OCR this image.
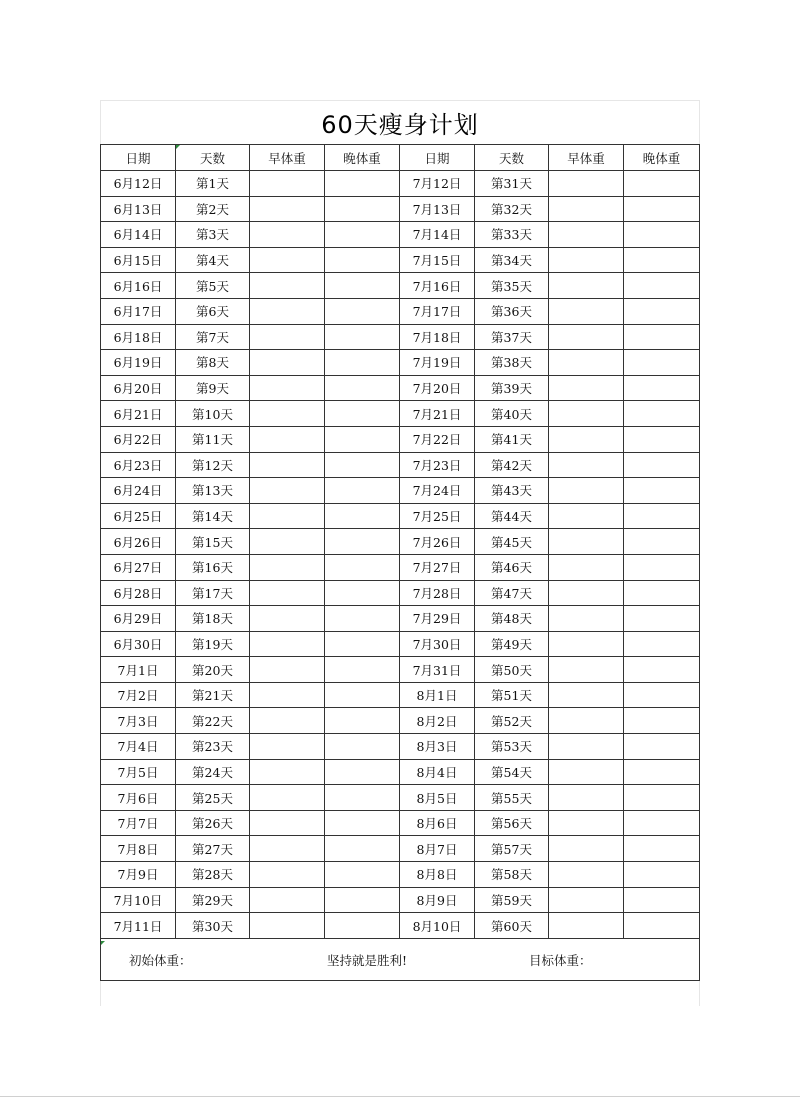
60天瘦身计划
日期	天数	早体重	晚体重	日期	天数	早体重	晚体重
6月12日	第1天			7月12日	第31天		
6月13日	第2天			7月13日	第32天		
6月14日	第3天			7月14日	第33天		
6月15日	第4天			7月15日	第34天		
6月16日	第5天			7月16日	第35天		
6月17日	第6天			7月17日	第36天		
6月18日	第7天			7月18日	第37天		
6月19日	第8天			7月19日	第38天		
6月20日	第9天			7月20日	第39天		
6月21日	第10天			7月21日	第40天		
6月22日	第11天			7月22日	第41天		
6月23日	第12天			7月23日	第42天		
6月24日	第13天			7月24日	第43天		
6月25日	第14天			7月25日	第44天		
6月26日	第15天			7月26日	第45天		
6月27日	第16天			7月27日	第46天		
6月28日	第17天			7月28日	第47天		
6月29日	第18天			7月29日	第48天		
6月30日	第19天			7月30日	第49天		
7月1日	第20天			7月31日	第50天		
7月2日	第21天			8月1日	第51天		
7月3日	第22天			8月2日	第52天		
7月4日	第23天			8月3日	第53天		
7月5日	第24天			8月4日	第54天		
7月6日	第25天			8月5日	第55天		
7月7日	第26天			8月6日	第56天		
7月8日	第27天			8月7日	第57天		
7月9日	第28天			8月8日	第58天		
7月10日	第29天			8月9日	第59天		
7月11日	第30天			8月10日	第60天		

初始体重： 坚持就是胜利! 目标体重：							
